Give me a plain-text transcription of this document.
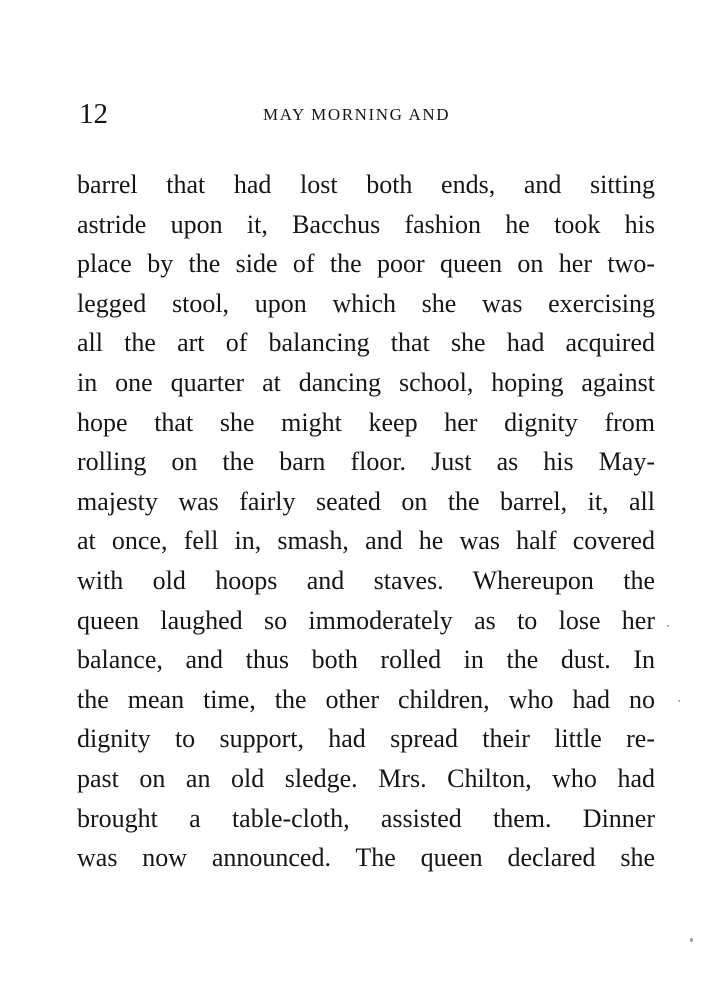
12	MAY MORNING AND
barrel that had lost both ends, and sitting
astride upon it, Bacchus fashion he took his
place by the side of the poor queen on her two-
legged stool, upon which she was exercising
all the art of balancing that she had acquired
in one quarter at dancing school, hoping against
hope that she might keep her dignity from
rolling on the barn floor. Just as his May-
majesty was fairly seated on the barrel, it, all
at once, fell in, smash, and he was half covered
with old hoops and staves. Whereupon the
queen laughed so immoderately as to lose her
balance, and thus both rolled in the dust. In
the mean time, the other children, who had no
dignity to support, had spread their little re-
past on an old sledge. Mrs. Chilton, who had
brought a table-cloth, assisted them. Dinner
was now announced. The queen declared she
